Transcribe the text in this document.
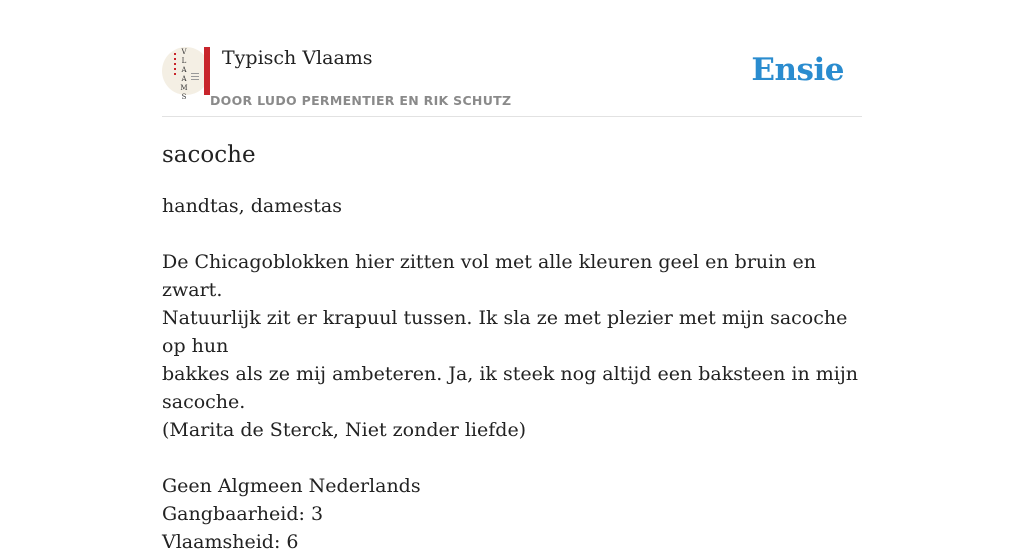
V
L
A
A
M
S
Typisch Vlaams
DOOR LUDO PERMENTIER EN RIK SCHUTZ
Ensie
sacoche

handtas, damestas

De Chicagoblokken hier zitten vol met alle kleuren geel en bruin en zwart.

Natuurlijk zit er krapuul tussen. Ik sla ze met plezier met mijn sacoche op hun

bakkes als ze mij ambeteren. Ja, ik steek nog altijd een baksteen in mijn sacoche.

(Marita de Sterck, Niet zonder liefde)

Geen Algmeen Nederlands

Gangbaarheid: 3

Vlaamsheid: 6
